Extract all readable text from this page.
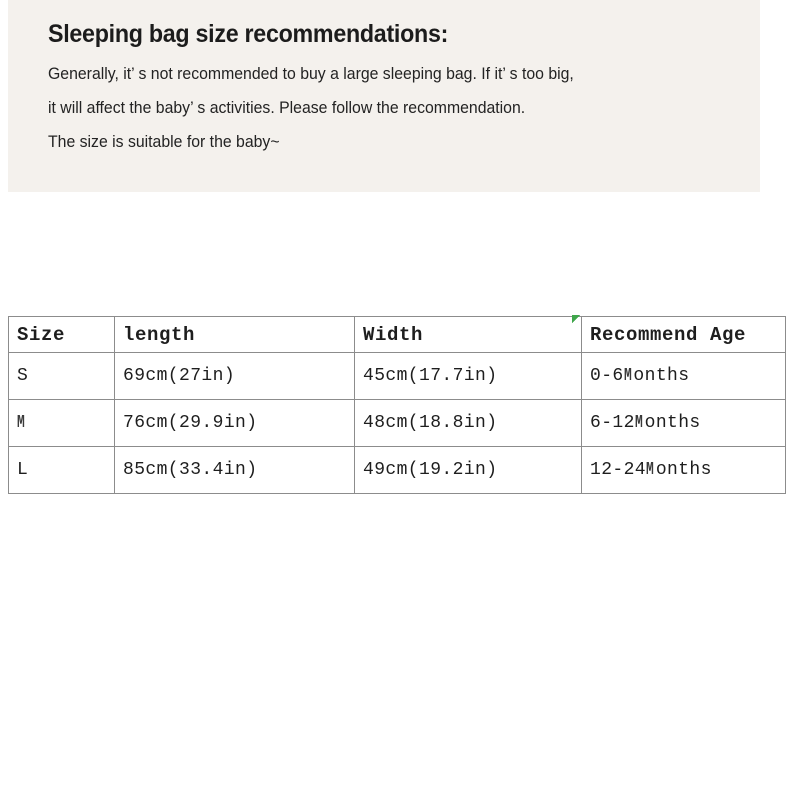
Sleeping bag size recommendations:

Generally, it’ s not recommended to buy a large sleeping bag. If it’ s too big,

it will affect the baby’ s activities. Please follow the recommendation.

The size is suitable for the baby~

Size	length	Width	Recommend Age
S	69cm(27in)	45cm(17.7in)	0-6M onths
M	76cm(29.9in)	48cm(18.8in)	6-12M onths
L	85cm(33.4in)	49cm(19.2in)	12-24M onths
